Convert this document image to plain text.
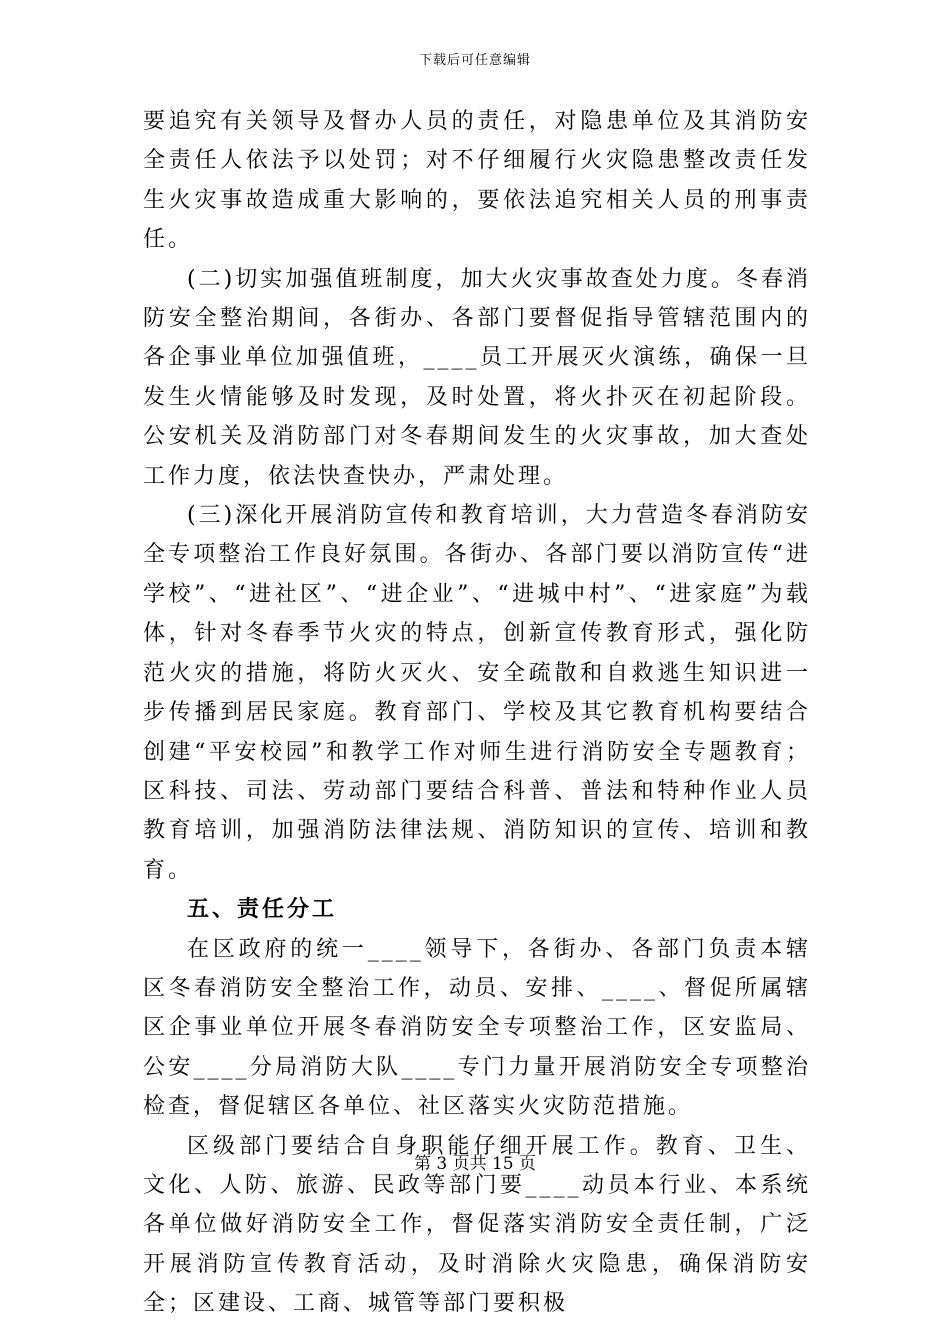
下载后可任意编辑

要追究有关领导及督办人员的责任，对隐患单位及其消防安全责任人依法予以处罚；对不仔细履行火灾隐患整改责任发生火灾事故造成重大影响的，要依法追究相关人员的刑事责任。

(二)切实加强值班制度，加大火灾事故查处力度。冬春消防安全整治期间，各街办、各部门要督促指导管辖范围内的各企事业单位加强值班，____员工开展灭火演练，确保一旦发生火情能够及时发现，及时处置，将火扑灭在初起阶段。公安机关及消防部门对冬春期间发生的火灾事故，加大查处工作力度，依法快查快办，严肃处理。

(三)深化开展消防宣传和教育培训，大力营造冬春消防安全专项整治工作良好氛围。各街办、各部门要以消防宣传“进学校”、“进社区”、“进企业”、“进城中村”、“进家庭”为载体，针对冬春季节火灾的特点，创新宣传教育形式，强化防范火灾的措施，将防火灭火、安全疏散和自救逃生知识进一步传播到居民家庭。教育部门、学校及其它教育机构要结合创建“平安校园”和教学工作对师生进行消防安全专题教育；区科技、司法、劳动部门要结合科普、普法和特种作业人员教育培训，加强消防法律法规、消防知识的宣传、培训和教育。

五、责任分工

在区政府的统一____领导下，各街办、各部门负责本辖区冬春消防安全整治工作，动员、安排、____、督促所属辖区企事业单位开展冬春消防安全专项整治工作，区安监局、公安____分局消防大队____专门力量开展消防安全专项整治检查，督促辖区各单位、社区落实火灾防范措施。

区级部门要结合自身职能仔细开展工作。教育、卫生、文化、人防、旅游、民政等部门要____动员本行业、本系统各单位做好消防安全工作，督促落实消防安全责任制，广泛开展消防宣传教育活动，及时消除火灾隐患，确保消防安全；区建设、工商、城管等部门要积极

第 3 页共 15 页
